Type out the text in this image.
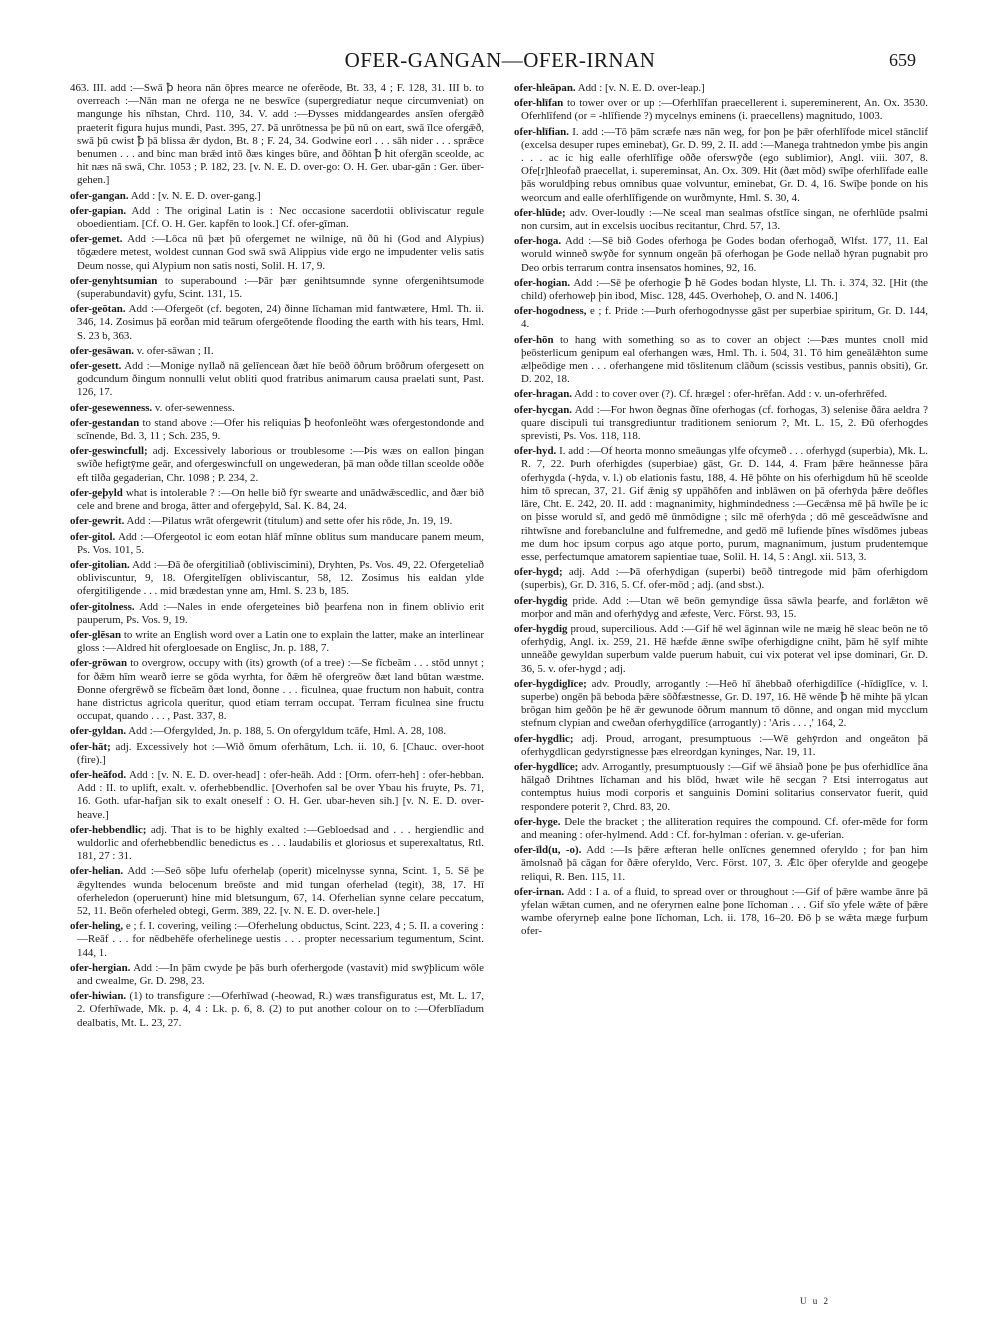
OFER-GANGAN—OFER-IRNAN	659

463. III. add :—Swā ꝥ heora nān ōþres mearce ne oferēode, Bt. 33, 4 ; F. 128, 31. III b. to overreach :—Nān man ne oferga ne ne beswīce (supergrediatur neque circumveniat) on mangunge his nīhstan, Chrd. 110, 34. V. add :—Ðysses middangeardes ansīen ofergǣð praeterit figura hujus mundi, Past. 395, 27. Þā unrōtnessa þe þū nū on eart, swā īlce ofergǣð, swā þū cwist ꝥ þā blissa ǣr dydon, Bt. 8 ; F. 24, 34. Godwine eorl . . . sāh nider . . . sprǣce benumen . . . and binc man brǣd intō ðæs kinges būre, and ðōhtan ꝥ hit ofergān sceolde, ac hit næs nā swā, Chr. 1053 ; P. 182, 23. [v. N. E. D. over-go: O. H. Ger. ubar-gān : Ger. über-gehen.]

ofer-gangan. Add : [v. N. E. D. over-gang.]

ofer-gapian. Add : The original Latin is : Nec occasione sacerdotii obliviscatur regule oboedientiam. [Cf. O. H. Ger. kapfēn to look.] Cf. ofer-gīman.

ofer-gemet. Add :—Lōca nū þæt þū ofergemet ne wilnige, nū ðū hi (God and Alypius) tōgædere metest, woldest cunnan God swā swā Alippius vide ergo ne impudenter velis satis Deum nosse, qui Alypium non satis nosti, Solil. H. 17, 9.

ofer-genyhtsumian to superabound :—Þār þær genihtsumnde synne ofergenihtsumode (superabundavit) gyfu, Scint. 131, 15.

ofer-geōtan. Add :—Ofergeōt (cf. begoten, 24) ðinne līchaman mid fantwætere, Hml. Th. ii. 346, 14. Zosimus þā eorðan mid teārum ofergeōtende flooding the earth with his tears, Hml. S. 23 b, 363.

ofer-gesāwan. v. ofer-sāwan ; II.

ofer-gesett. Add :—Monige nyllað nā gelīencean ðæt hīe beōð ōðrum brōðrum ofergesett on godcundum ðingum nonnulli velut obliti quod fratribus animarum causa praelati sunt, Past. 126, 17.

ofer-gesewenness. v. ofer-sewenness.

ofer-gestandan to stand above :—Ofer his reliquias ꝥ heofonleōht wæs ofergestondonde and scīnende, Bd. 3, 11 ; Sch. 235, 9.

ofer-geswincfull; adj. Excessively laborious or troublesome :—Þis wæs on eallon þingan swīðe hefigtȳme geār, and ofergeswincfull on ungewederan, þā man oðde tillan sceolde oððe eft tilða gegaderian, Chr. 1098 ; P. 234, 2.

ofer-geþyld what is intolerable ? :—On helle bið fȳr swearte and unādwǣscedlic, and ðær bið cele and brene and broga, ātter and ofergeþyld, Sal. K. 84, 24.

ofer-gewrit. Add :—Pilatus wrāt ofergewrit (titulum) and sette ofer his rōde, Jn. 19, 19.

ofer-gitol. Add :—Ofergeotol ic eom eotan hlāf mīnne oblitus sum manducare panem meum, Ps. Vos. 101, 5.

ofer-gitolian. Add :—Ðā ðe ofergitiliað (obliviscimini), Dryhten, Ps. Vos. 49, 22. Ofergeteliað obliviscuntur, 9, 18. Ofergitelīgen obliviscantur, 58, 12. Zosimus his ealdan ylde ofergitiligende . . . mid brædestan ynne am, Hml. S. 23 b, 185.

ofer-gitolness. Add :—Nales in ende ofergeteines bið þearfena non in finem oblivio erit pauperum, Ps. Vos. 9, 19.

ofer-glēsan to write an English word over a Latin one to explain the latter, make an interlinear gloss :—Aldred hit ofergloesade on Englisc, Jn. p. 188, 7.

ofer-grōwan to overgrow, occupy with (its) growth (of a tree) :—Se fīcbeām . . . stōd unnyt ; for ðǣm hīm wearð ierre se gōda wyrhta, for ðǣm hē ofergreōw ðæt land būtan wæstme. Ðonne ofergrēwð se fīcbeām ðæt lond, ðonne . . . ficulnea, quae fructum non habuit, contra hane districtus agricola queritur, quod etiam terram occupat. Terram ficulnea sine fructu occupat, quando . . . , Past. 337, 8.

ofer-gyldan. Add :—Ofergylded, Jn. p. 188, 5. On ofergyldum tcāfe, Hml. A. 28, 108.

ofer-hāt; adj. Excessively hot :—Wið ōmum oferhātum, Lch. ii. 10, 6. [Chauc. over-hoot (fire).]

ofer-heāfod. Add : [v. N. E. D. over-head] : ofer-heāh. Add : [Orm. oferr-heh] : ofer-hebban. Add : II. to uplift, exalt. v. oferhebbendlic. [Overhofen sal be over Ybau his fruyte, Ps. 71, 16. Goth. ufar-hafjan sik to exalt oneself : O. H. Ger. ubar-heven sih.] [v. N. E. D. over-heave.]

ofer-hebbendlic; adj. That is to be highly exalted :—Gebloedsad and . . . hergiendlic and wuldorlic and oferhebbendlic benedictus es . . . laudabilis et gloriosus et superexaltatus, Rtl. 181, 27 : 31.

ofer-helian. Add :—Seō sōþe lufu oferhelaþ (operit) micelnysse synna, Scint. 1, 5. Sē þe ǣgyltendes wunda belocenum breōste and mid tungan oferhelad (tegit), 38, 17. Hī oferheledon (operuerunt) hine mid bletsungum, 67, 14. Oferhelian synne celare peccatum, 52, 11. Beōn oferheled obtegi, Germ. 389, 22. [v. N. E. D. over-hele.]

ofer-heling, e ; f. I. covering, veiling :—Oferhelung obductus, Scint. 223, 4 ; 5. II. a covering :—Reāf . . . for nēdbehēfe oferhelinege uestis . . . propter necessarium tegumentum, Scint. 144, 1.

ofer-hergian. Add :—In þām cwyde þe þās burh oferhergode (vastavit) mid swȳþlicum wōle and cwealme, Gr. D. 298, 23.

ofer-hiwian. (1) to transfigure :—Oferhīwad (-heowad, R.) wæs transfiguratus est, Mt. L. 17, 2. Oferhīwade, Mk. p. 4, 4 : Lk. p. 6, 8. (2) to put another colour on to :—Oferblīadum dealbatis, Mt. L. 23, 27.

ofer-hleāpan. Add : [v. N. E. D. over-leap.]

ofer-hlīfan to tower over or up :—Oferhlīfan praecellerent i. supereminerent, An. Ox. 3530. Oferhlīfend (or = -hlīfiende ?) mycelnys eminens (i. praecellens) magnitudo, 1003.

ofer-hlīfian. I. add :—Tō þām scræfe næs nān weg, for þon þe þǣr oferhlīfode micel stānclif (excelsa desuper rupes eminebat), Gr. D. 99, 2. II. add :—Manega trahtnedon ymbe þis angin . . . ac ic hig ealle oferhlīfige oððe oferswȳðe (ego sublimior), Angl. viii. 307, 8. Ofe[r]hleofað praecellat, i. supereminsat, An. Ox. 309. Hit (ðæt mōd) swīþe oferhlīfade ealle þās woruldþing rebus omnibus quae volvuntur, eminebat, Gr. D. 4, 16. Swīþe þonde on his weorcum and ealle oferhlīfigende on wurðmynte, Hml. S. 30, 4.

ofer-hlūde; adv. Over-loudly :—Ne sceal man sealmas ofstlīce singan, ne oferhlūde psalmi non cursim, aut in excelsis uocibus recitantur, Chrd. 57, 13.

ofer-hoga. Add :—Sē bið Godes oferhoga þe Godes bodan oferhogað, Wlfst. 177, 11. Eal woruld winneð swȳðe for synnum ongeān þā oferhogan þe Gode nellað hȳran pugnabit pro Deo orbis terrarum contra insensatos homines, 92, 16.

ofer-hogian. Add :—Sē þe oferhogie ꝥ hē Godes bodan hlyste, Ll. Th. i. 374, 32. [Hit (the child) oferhoweþ þin ibod, Misc. 128, 445. Overhoheþ, O. and N. 1406.]

ofer-hogodness, e ; f. Pride :—Þurh oferhogodnysse gāst per superbiae spiritum, Gr. D. 144, 4.

ofer-hōn to hang with something so as to cover an object :—Þæs muntes cnoll mid þeōsterlicum genipum eal oferhangen wæs, Hml. Th. i. 504, 31. Tō him geneālǣhton sume ælþeōdige men . . . oferhangene mid tōslitenum clāðum (scissis vestibus, pannis obsiti), Gr. D. 202, 18.

ofer-hragan. Add : to cover over (?). Cf. hrægel : ofer-hrēfan. Add : v. un-oferhrēfed.

ofer-hycgan. Add :—For hwon ðegnas ðīne oferhogas (cf. forhogas, 3) selenise ðāra aeldra ? quare discipuli tui transgrediuntur traditionem seniorum ?, Mt. L. 15, 2. Ðū oferhogdes sprevisti, Ps. Vos. 118, 118.

ofer-hyd. I. add :—Of heorta monno smeāungas ylfe ofcymeð . . . oferhygd (superbia), Mk. L. R. 7, 22. Þurh oferhigdes (superbiae) gāst, Gr. D. 144, 4. Fram þǣre heānnesse þāra oferhygda (-hȳda, v. l.) ob elationis fastu, 188, 4. Hē þōhte on his oferhigdum hū hē sceolde him tō sprecan, 37, 21. Gif ǣnig sȳ uppāhōfen and inblāwen on þā oferhȳda þǣre deōfles lāre, Cht. E. 242, 20. II. add : magnanimity, highmindedness :—Gecǣnsa mē þā hwīle þe ic on þisse woruld sī, and gedō mē ūnmōdigne ; silc mē oferhȳda ; dō mē gesceādwīsne and rihtwīsne and forebanclulne and fulfremedne, and gedō mē lufiende þīnes wīsdōmes jubeas me dum hoc ipsum corpus ago atque porto, purum, magnanimum, justum prudentemque esse, perfectumque amatorem sapientiae tuae, Solil. H. 14, 5 : Angl. xii. 513, 3.

ofer-hygd; adj. Add :—Þā oferhȳdigan (superbi) beōð tintregode mid þām oferhigdom (superbis), Gr. D. 316, 5. Cf. ofer-mōd ; adj. (and sbst.).

ofer-hygdig pride. Add :—Utan wē beōn gemyndige ūssa sāwla þearfe, and forlǣton wē morþor and mān and oferhȳdyg and æfeste, Verc. Först. 93, 15.

ofer-hygdig proud, supercilious. Add :—Gif hē wel āginnan wile ne mæig hē sleac beōn ne tō oferhȳdig, Angl. ix. 259, 21. Hē hæfde ǣnne swīþe oferhigdigne cniht, þām hē sylf mihte unneāðe gewyldan superbum valde puerum habuit, cui vix poterat vel ipse dominari, Gr. D. 36, 5. v. ofer-hygd ; adj.

ofer-hygdiglīce; adv. Proudly, arrogantly :—Heō hī āhebbað oferhigdilīce (-hīdiglīce, v. l. superbe) ongēn þā beboda þǣre sōðfæstnesse, Gr. D. 197, 16. Hē wēnde ꝥ hē mihte þā ylcan brōgan him geðōn þe hē ǣr gewunode ōðrum mannum tō dōnne, and ongan mid mycclum stefnum clypian and cweðan oferhygdilīce (arrogantly) : 'Aris . . . ,' 164, 2.

ofer-hygdlic; adj. Proud, arrogant, presumptuous :—Wē gehȳrdon and ongeāton þā oferhygdlican gedyrstignesse þæs elreordgan kyninges, Nar. 19, 11.

ofer-hygdlīce; adv. Arrogantly, presumptuously :—Gif wē āhsiað þone þe þus oferhidlīce āna hālgað Drihtnes līchaman and his blōd, hwæt wile hē secgan ? Etsi interrogatus aut contemptus huius modi corporis et sanguinis Domini solitarius conservator fuerit, quid respondere poterit ?, Chrd. 83, 20.

ofer-hyge. Dele the bracket ; the alliteration requires the compound. Cf. ofer-mēde for form and meaning : ofer-hylmend. Add : Cf. for-hylman : oferian. v. ge-uferian.

ofer-īld(u, -o). Add :—Is þǣre æfteran helle onlīcnes genemned oferyldo ; for þan him āmolsnað þā cāgan for ðǣre oferyldo, Verc. Först. 107, 3. Ǣlc ōþer oferylde and geogeþe reliqui, R. Ben. 115, 11.

ofer-irnan. Add : I a. of a fluid, to spread over or throughout :—Gif of þǣre wambe ānre þā yfelan wǣtan cumen, and ne oferyrnen ealne þone līchoman . . . Gif sīo yfele wǣte of þǣre wambe oferyrneþ ealne þone līchoman, Lch. ii. 178, 16–20. Ðō þ se wǣta mæge furþum ofer-

U u 2
